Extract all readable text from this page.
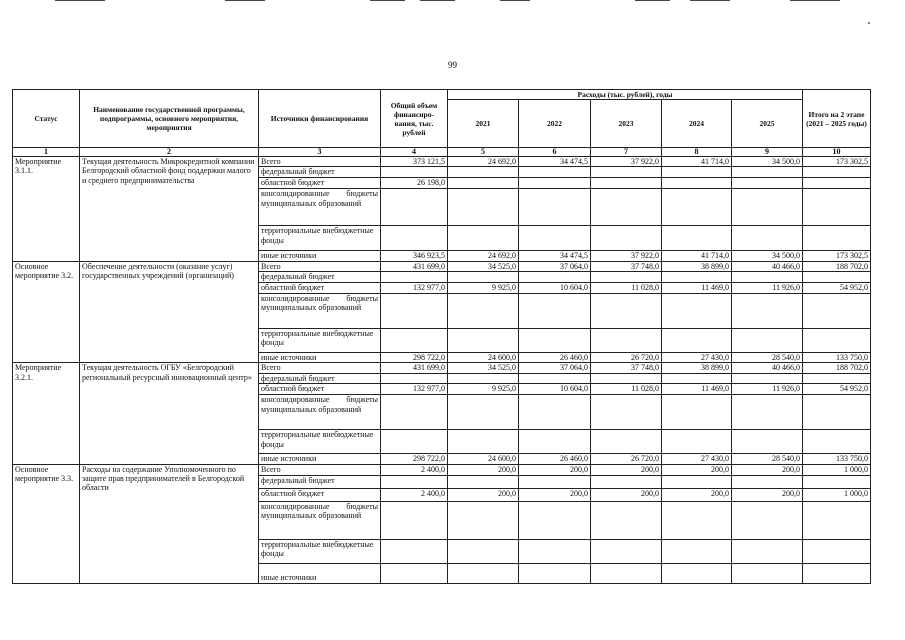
99
Статус	Наименование государственной программы, подпрограммы, основного мероприятия, мероприятия	Источники финансирования	Общий объем финансиро-вания, тыс. рублей	Расходы (тыс. рублей), годы					Итого на 2 этапе (2021 – 2025 годы)
				2021	2022	2023	2024	2025	
1	2	3	4	5	6	7	8	9	10
Мероприятие 3.1.1.	Текущая деятельность Микрокредитной компании Белгородский областной фонд поддержки малого и среднего предпринимательства	Всего	373 121,5	24 692,0	34 474,5	37 922,0	41 714,0	34 500,0	173 302,5
		федеральный бюджет							
		областной бюджет	26 198,0						
		консолидированные бюджеты муниципальных образований							
		территориальные внебюджетные фонды							
		иные источники	346 923,5	24 692,0	34 474,5	37 922,0	41 714,0	34 500,0	173 302,5
Основное мероприятие 3.2.	Обеспечение деятельности (оказание услуг) государственных учреждений (организаций)	Всего	431 699,0	34 525,0	37 064,0	37 748,0	38 899,0	40 466,0	188 702,0
		федеральный бюджет							
		областной бюджет	132 977,0	9 925,0	10 604,0	11 028,0	11 469,0	11 926,0	54 952,0
		консолидированные бюджеты муниципальных образований							
		территориальные внебюджетные фонды							
		иные источники	298 722,0	24 600,0	26 460,0	26 720,0	27 430,0	28 540,0	133 750,0
Мероприятие 3.2.1.	Текущая деятельность ОГБУ «Белгородский региональный ресурсный инновационный центр»	Всего	431 699,0	34 525,0	37 064,0	37 748,0	38 899,0	40 466,0	188 702,0
		федеральный бюджет							
		областной бюджет	132 977,0	9 925,0	10 604,0	11 028,0	11 469,0	11 926,0	54 952,0
		консолидированные бюджеты муниципальных образований							
		территориальные внебюджетные фонды							
		иные источники	298 722,0	24 600,0	26 460,0	26 720,0	27 430,0	28 540,0	133 750,0
Основное мероприятие 3.3.	Расходы на содержание Уполномоченного по защите прав предпринимателей в Белгородской области	Всего	2 400,0	200,0	200,0	200,0	200,0	200,0	1 000,0
		федеральный бюджет							
		областной бюджет	2 400,0	200,0	200,0	200,0	200,0	200,0	1 000,0
		консолидированные бюджеты муниципальных образований							
		территориальные внебюджетные фонды							
		иные источники							
